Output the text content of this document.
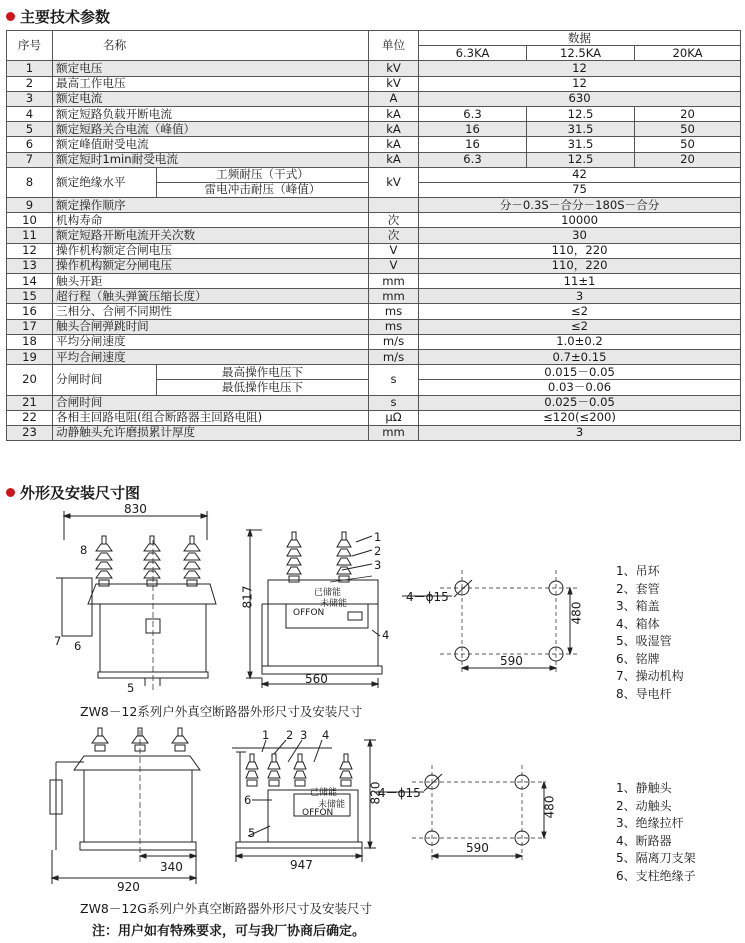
主要技术参数
序号	名称		单位	数据		
				6.3KA	12.5KA	20KA
1	额定电压		kV	12		
2	最高工作电压		kV	12		
3	额定电流		A	630		
4	额定短路负载开断电流		kA	6.3	12.5	20
5	额定短路关合电流（峰值）		kA	16	31.5	50
6	额定峰值耐受电流		kA	16	31.5	50
7	额定短时1min耐受电流		kA	6.3	12.5	20
8	额定绝缘水平	工频耐压（干式）	kV	42		
		雷电冲击耐压（峰值）		75		
9	额定操作顺序			分－0.3S－合分－180S－合分		
10	机构寿命		次	10000		
11	额定短路开断电流开关次数		次	30		
12	操作机构额定合闸电压		V	110，220		
13	操作机构额定分闸电压		V	110，220		
14	触头开距		mm	11±1		
15	超行程（触头弹簧压缩长度）		mm	3		
16	三相分、合闸不同期性		ms	≤2		
17	触头合闸弹跳时间		ms	≤2		
18	平均分闸速度		m/s	1.0±0.2		
19	平均合闸速度		m/s	0.7±0.15		
20	分闸时间	最高操作电压下	s	0.015－0.05		
		最低操作电压下		0.03－0.06		
21	合闸时间		s	0.025－0.05		
22	各相主回路电阻(组合断路器主回路电阻)		μΩ	≤120(≤200)		
23	动静触头允许磨损累计厚度		mm	3		
外形及安装尺寸图
830
817
560
4－ϕ15
590
480
8
7 6
5
1
2
3
4
已储能
未储能
OFFON
ZW8－12系列户外真空断路器外形尺寸及安装尺寸
1、吊环
2、套管
3、箱盖
4、箱体
5、吸湿管
6、铭牌
7、操动机构
8、导电杆
920
340	947
820
4－ϕ15
590
480
1 2 3 4
6
5
已储能
未储能
OFFON
ZW8－12G系列户外真空断路器外形尺寸及安装尺寸
1、静触头
2、动触头
3、绝缘拉杆
4、断路器
5、隔离刀支架
6、支柱绝缘子
注：用户如有特殊要求，可与我厂协商后确定。
